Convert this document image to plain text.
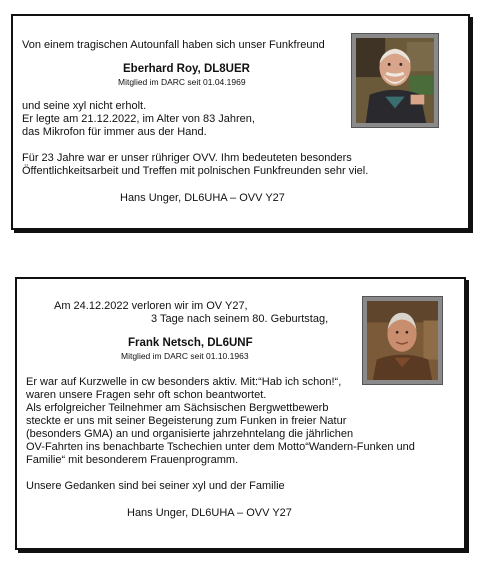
Von einem tragischen Autounfall haben sich unser Funkfreund

Eberhard Roy, DL8UER

Mitglied im DARC seit 01.04.1969

und seine xyl nicht erholt.

Er legte am 21.12.2022, im Alter von 83 Jahren,

das Mikrofon für immer aus der Hand.

Für 23 Jahre war er unser rühriger OVV. Ihm bedeuteten besonders

Öffentlichkeitsarbeit und Treffen mit polnischen Funkfreunden sehr viel.

Hans Unger, DL6UHA – OVV Y27

Am 24.12.2022 verloren wir im OV Y27,

3 Tage nach seinem 80. Geburtstag,

Frank Netsch, DL6UNF

Mitglied im DARC seit 01.10.1963

Er war auf Kurzwelle in cw besonders aktiv. Mit:“Hab ich schon!“,

waren unsere Fragen sehr oft schon beantwortet.

Als erfolgreicher Teilnehmer am Sächsischen Bergwettbewerb

steckte er uns mit seiner Begeisterung zum Funken in freier Natur

(besonders GMA) an und organisierte jahrzehntelang die jährlichen

OV-Fahrten ins benachbarte Tschechien unter dem Motto“Wandern-Funken und

Familie“ mit besonderem Frauenprogramm.

Unsere Gedanken sind bei seiner xyl und der Familie

Hans Unger, DL6UHA – OVV Y27
